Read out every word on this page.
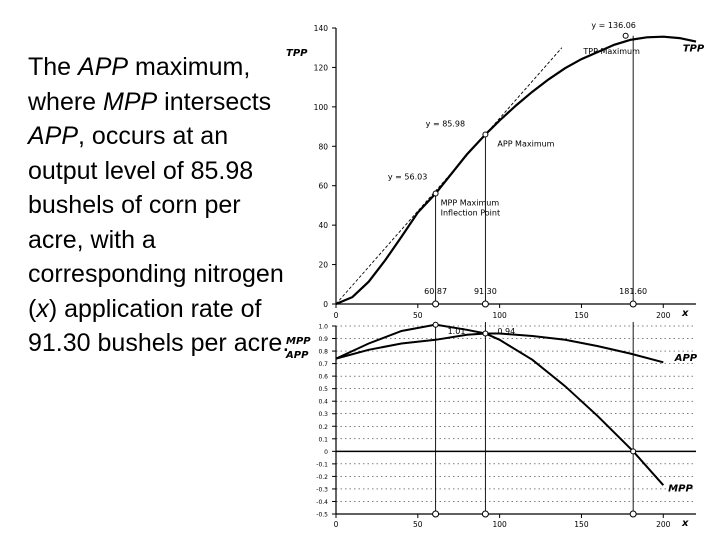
The APP maximum, where MPP intersects APP, occurs at an output level of 85.98 bushels of corn per acre, with a corresponding nitrogen (x) application rate of 91.30 bushels per acre.
0
20
40
60
80
100
120
140
0	50	100	150	200
TPP
x
TPP
60.87	91.30	181.60
y = 136.06
TPP Maximum
y = 85.98
APP Maximum
y = 56.03
MPP Maximum
Inflection Point
-0.5
-0.4
-0.3
-0.2
-0.1
0
0.1
0.2
0.3
0.4
0.5
0.6
0.7
0.8
0.9
1.0
0	50	100	150	200
MPP
APP
x
APP
MPP
1.01	0.94
